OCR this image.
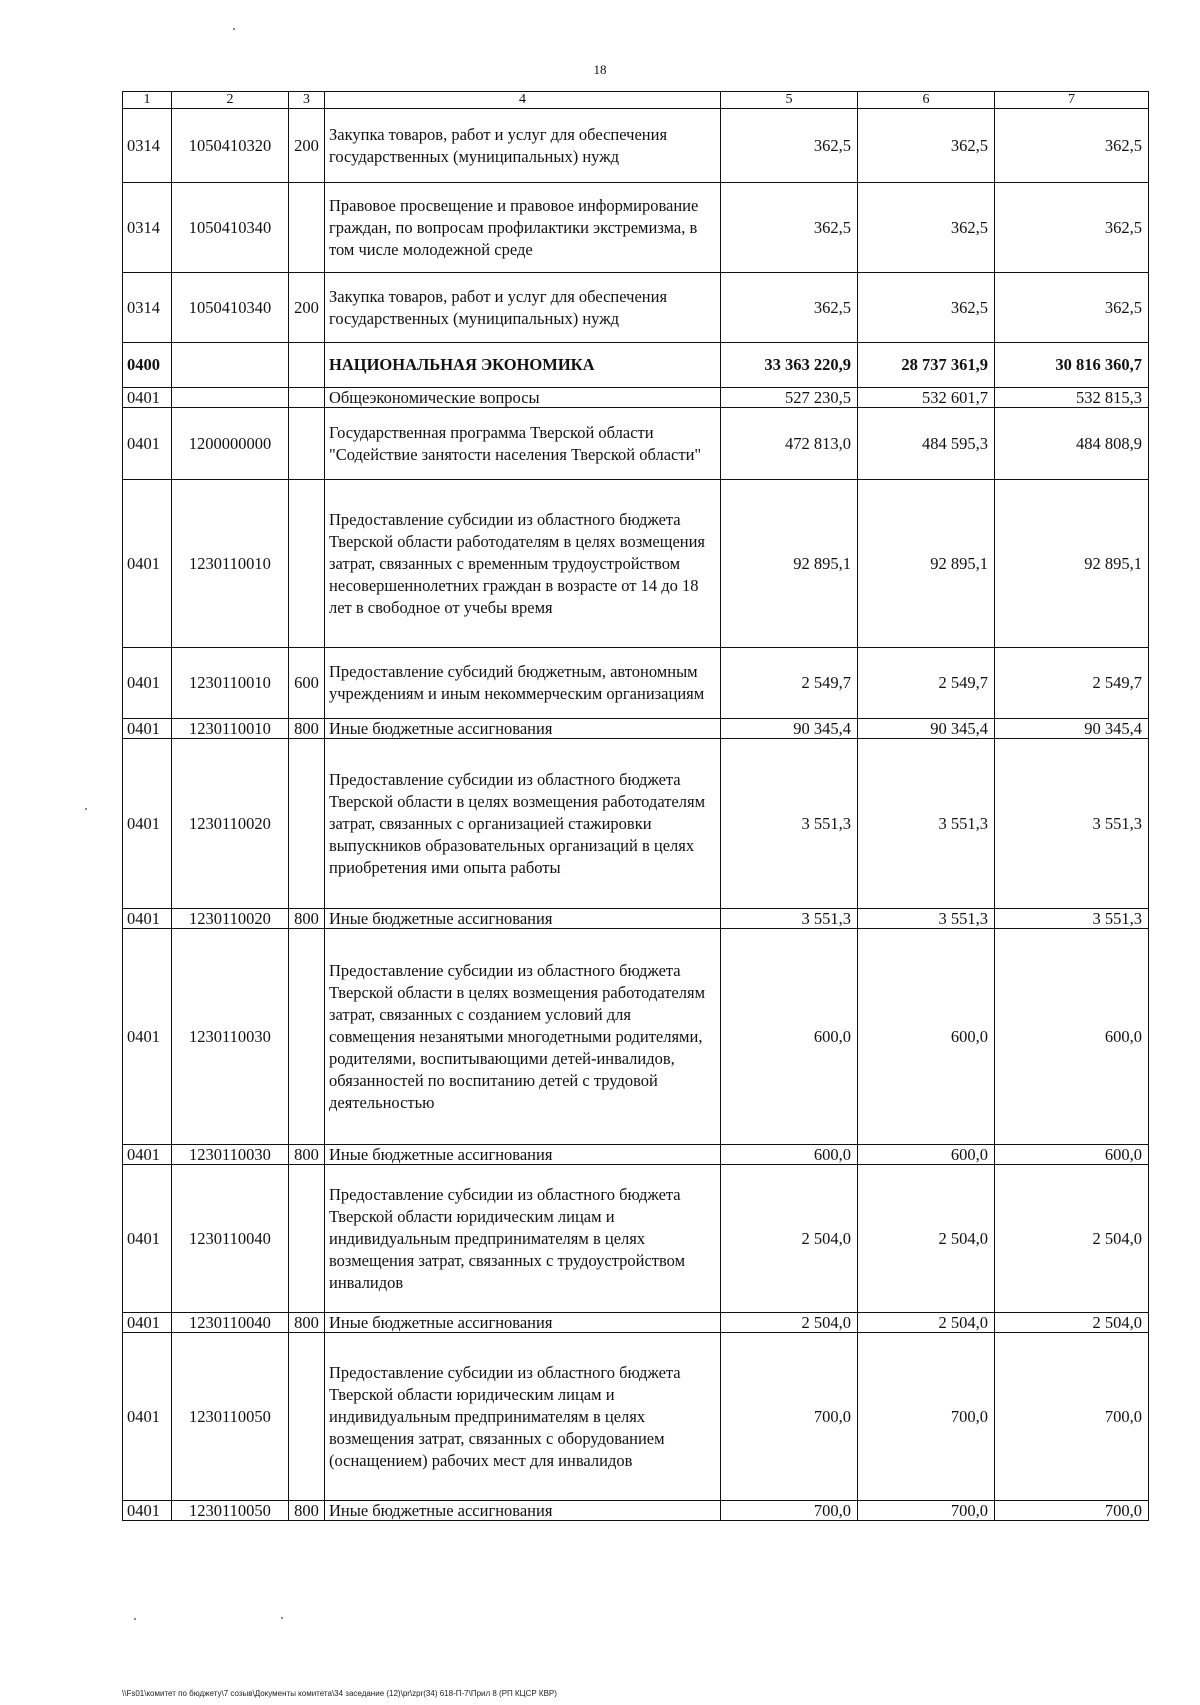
18
1	2	3	4	5	6	7
0314	1050410320	200	Закупка товаров, работ и услуг для обеспечения государственных (муниципальных) нужд	362,5	362,5	362,5
0314	1050410340		Правовое просвещение и правовое информирование граждан, по вопросам профилактики экстремизма, в том числе молодежной среде	362,5	362,5	362,5
0314	1050410340	200	Закупка товаров, работ и услуг для обеспечения государственных (муниципальных) нужд	362,5	362,5	362,5
0400			НАЦИОНАЛЬНАЯ ЭКОНОМИКА	33 363 220,9	28 737 361,9	30 816 360,7
0401			Общеэкономические вопросы	527 230,5	532 601,7	532 815,3
0401	1200000000		Государственная программа Тверской области "Содействие занятости населения Тверской области"	472 813,0	484 595,3	484 808,9
0401	1230110010		Предоставление субсидии из областного бюджета Тверской области работодателям в целях возмещения затрат, связанных с временным трудоустройством несовершеннолетних граждан в возрасте от 14 до 18 лет в свободное от учебы время	92 895,1	92 895,1	92 895,1
0401	1230110010	600	Предоставление субсидий бюджетным, автономным учреждениям и иным некоммерческим организациям	2 549,7	2 549,7	2 549,7
0401	1230110010	800	Иные бюджетные ассигнования	90 345,4	90 345,4	90 345,4
0401	1230110020		Предоставление субсидии из областного бюджета Тверской области в целях возмещения работодателям затрат, связанных с организацией стажировки выпускников образовательных организаций в целях приобретения ими опыта работы	3 551,3	3 551,3	3 551,3
0401	1230110020	800	Иные бюджетные ассигнования	3 551,3	3 551,3	3 551,3
0401	1230110030		Предоставление субсидии из областного бюджета Тверской области в целях возмещения работодателям затрат, связанных с созданием условий для совмещения незанятыми многодетными родителями, родителями, воспитывающими детей-инвалидов, обязанностей по воспитанию детей с трудовой деятельностью	600,0	600,0	600,0
0401	1230110030	800	Иные бюджетные ассигнования	600,0	600,0	600,0
0401	1230110040		Предоставление субсидии из областного бюджета Тверской области юридическим лицам и индивидуальным предпринимателям в целях возмещения затрат, связанных с трудоустройством инвалидов	2 504,0	2 504,0	2 504,0
0401	1230110040	800	Иные бюджетные ассигнования	2 504,0	2 504,0	2 504,0
0401	1230110050		Предоставление субсидии из областного бюджета Тверской области юридическим лицам и индивидуальным предпринимателям в целях возмещения затрат, связанных с оборудованием (оснащением) рабочих мест для инвалидов	700,0	700,0	700,0
0401	1230110050	800	Иные бюджетные ассигнования	700,0	700,0	700,0
\\Fs01\комитет по бюджету\7 созыв\Документы комитета\34 заседание (12)\pr\zpr(34) 618-П-7\Прил 8 (РП КЦСР КВР)
